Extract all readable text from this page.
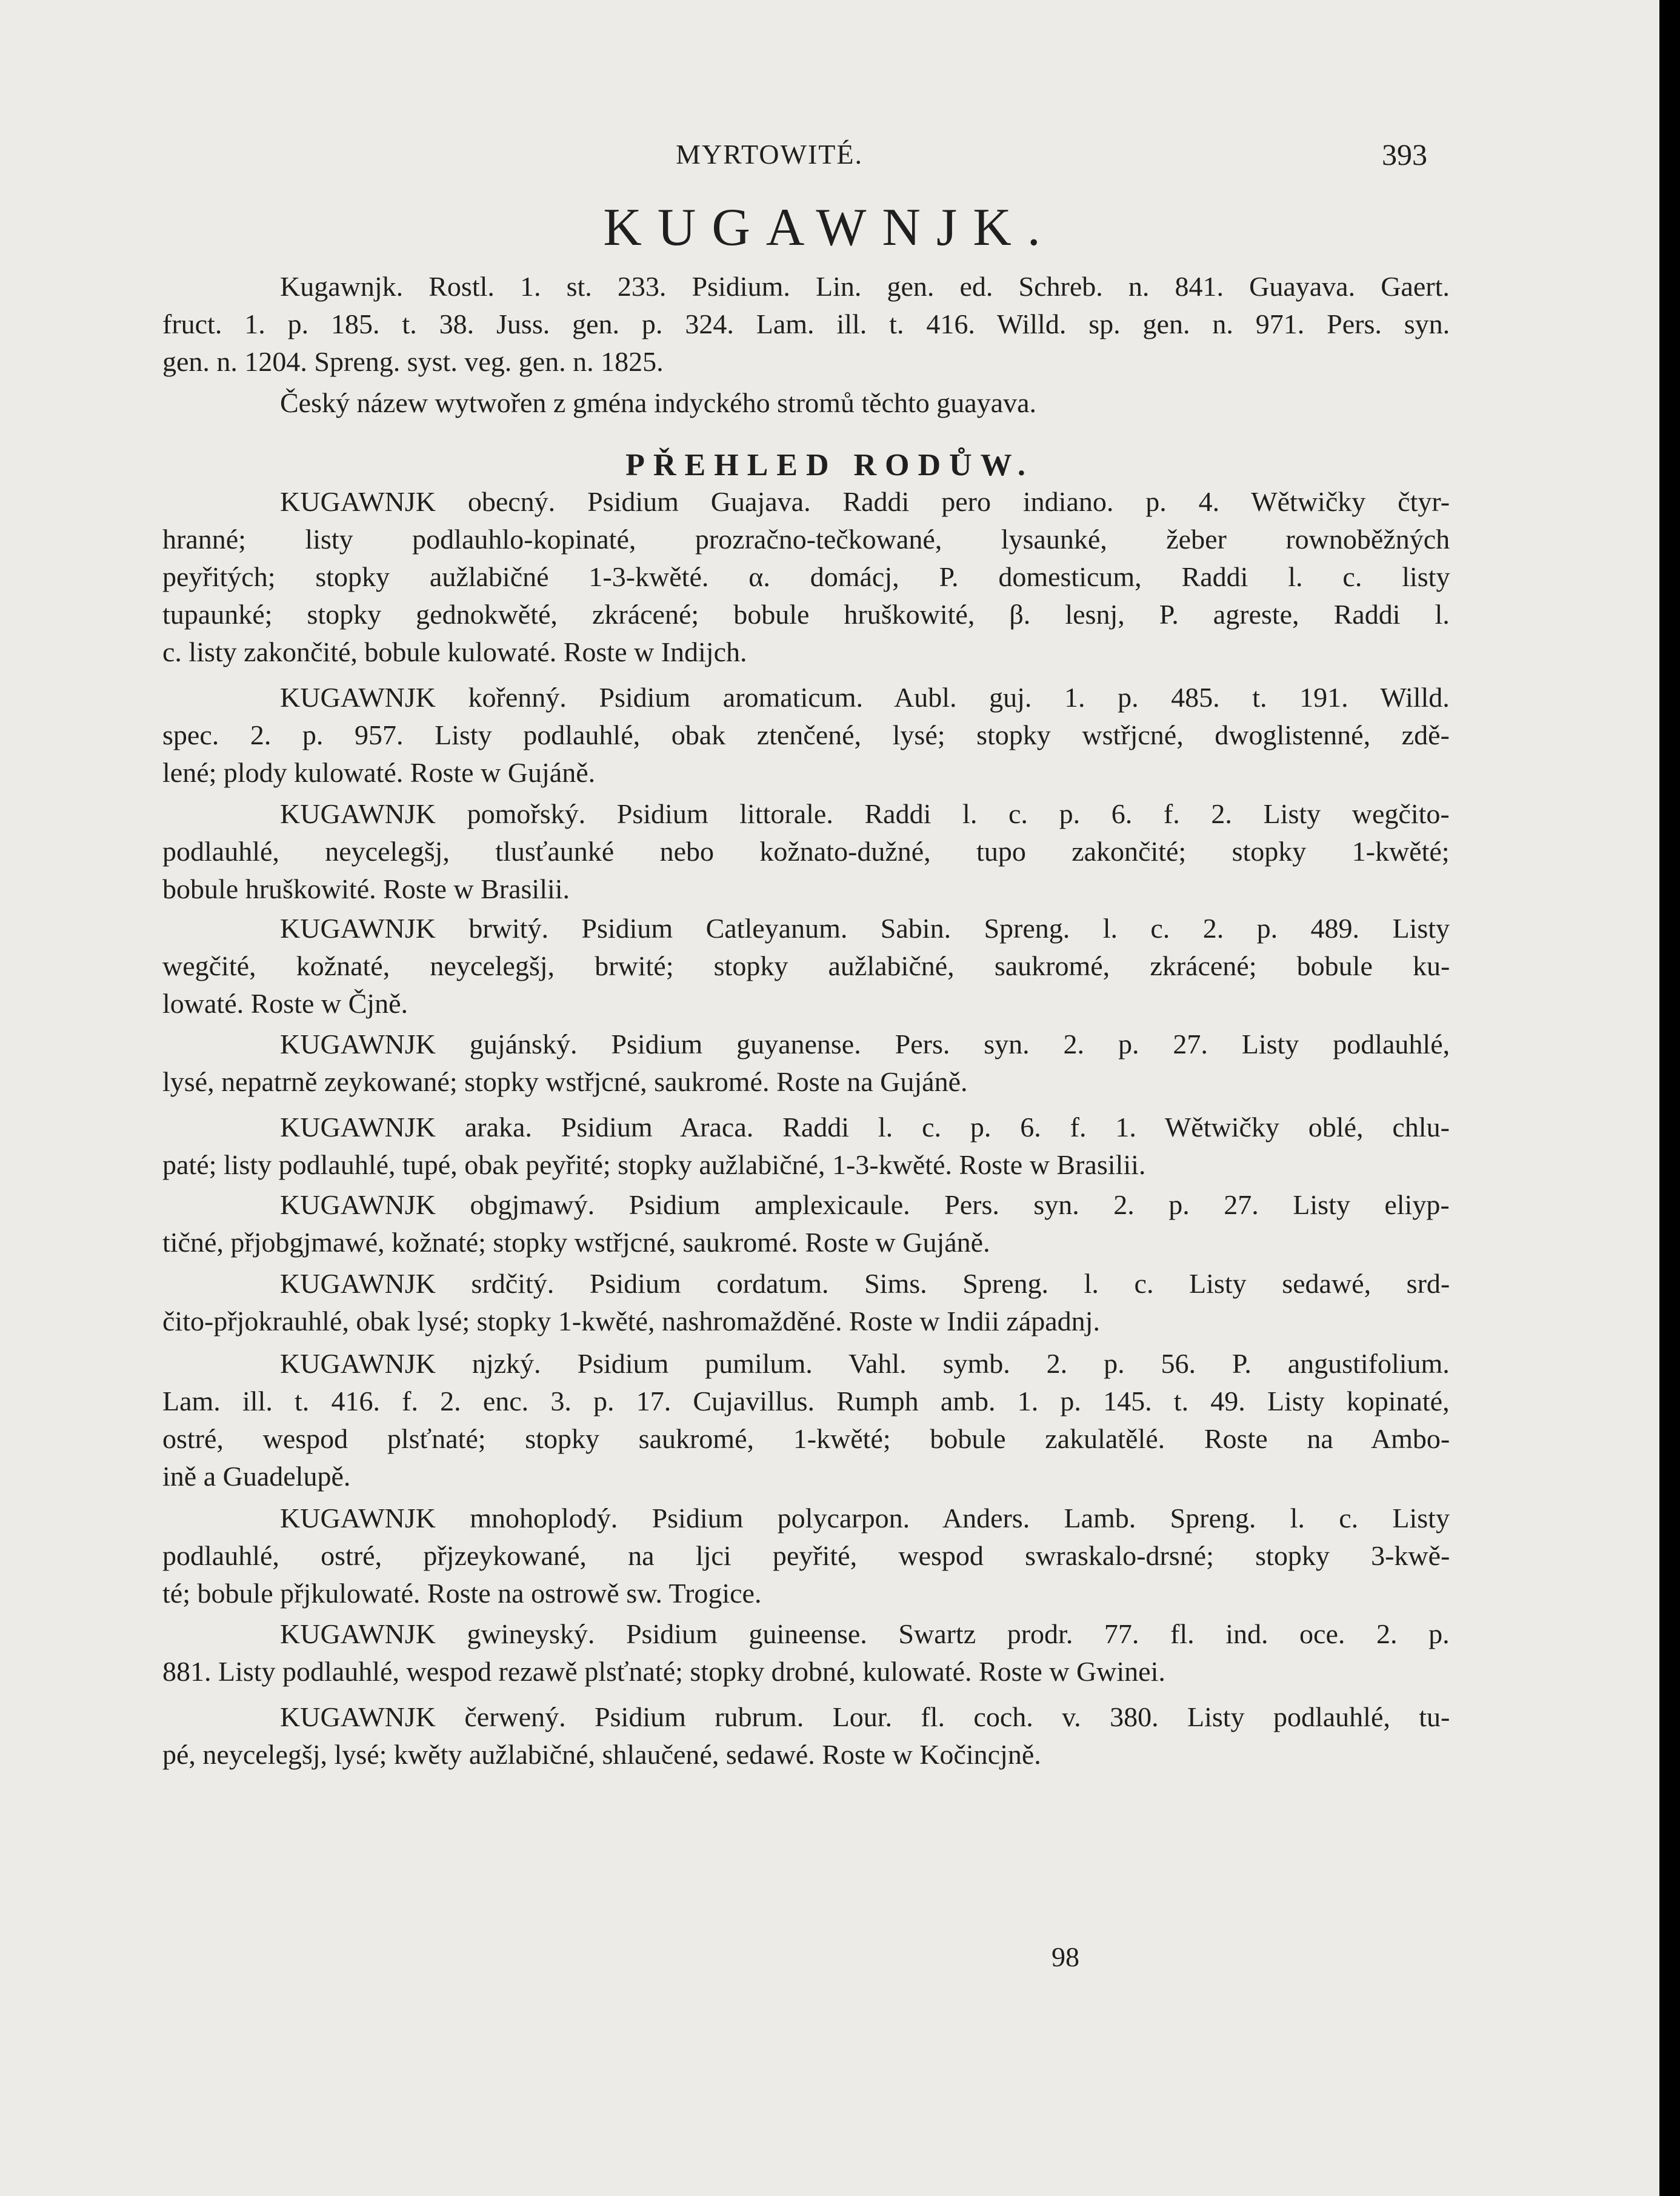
MYRTOWITÉ.	393
KUGAWNJK.
Kugawnjk. Rostl. 1. st. 233. Psidium. Lin. gen. ed. Schreb. n. 841. Guayava. Gaert.
fruct. 1. p. 185. t. 38. Juss. gen. p. 324. Lam. ill. t. 416. Willd. sp. gen. n. 971. Pers. syn.
gen. n. 1204. Spreng. syst. veg. gen. n. 1825.
Český názew wytwořen z gména indyckého stromů těchto guayava.
PŘEHLED RODŮW.
KUGAWNJK obecný. Psidium Guajava. Raddi pero indiano. p. 4. Wětwičky čtyr-
hranné; listy podlauhlo-kopinaté, prozračno-tečkowané, lysaunké, žeber rownoběžných
peyřitých; stopky aužlabičné 1-3-kwěté. α. domácj, P. domesticum, Raddi l. c. listy
tupaunké; stopky gednokwěté, zkrácené; bobule hruškowité, β. lesnj, P. agreste, Raddi l.
c. listy zakončité, bobule kulowaté. Roste w Indijch.
KUGAWNJK kořenný. Psidium aromaticum. Aubl. guj. 1. p. 485. t. 191. Willd.
spec. 2. p. 957. Listy podlauhlé, obak ztenčené, lysé; stopky wstřjcné, dwoglistenné, zdě-
lené; plody kulowaté. Roste w Gujáně.
KUGAWNJK pomořský. Psidium littorale. Raddi l. c. p. 6. f. 2. Listy wegčito-
podlauhlé, neycelegšj, tlusťaunké nebo kožnato-dužné, tupo zakončité; stopky 1-kwěté;
bobule hruškowité. Roste w Brasilii.
KUGAWNJK brwitý. Psidium Catleyanum. Sabin. Spreng. l. c. 2. p. 489. Listy
wegčité, kožnaté, neycelegšj, brwité; stopky aužlabičné, saukromé, zkrácené; bobule ku-
lowaté. Roste w Čjně.
KUGAWNJK gujánský. Psidium guyanense. Pers. syn. 2. p. 27. Listy podlauhlé,
lysé, nepatrně zeykowané; stopky wstřjcné, saukromé. Roste na Gujáně.
KUGAWNJK araka. Psidium Araca. Raddi l. c. p. 6. f. 1. Wětwičky oblé, chlu-
paté; listy podlauhlé, tupé, obak peyřité; stopky aužlabičné, 1-3-kwěté. Roste w Brasilii.
KUGAWNJK obgjmawý. Psidium amplexicaule. Pers. syn. 2. p. 27. Listy eliyp-
tičné, přjobgjmawé, kožnaté; stopky wstřjcné, saukromé. Roste w Gujáně.
KUGAWNJK srdčitý. Psidium cordatum. Sims. Spreng. l. c. Listy sedawé, srd-
čito-přjokrauhlé, obak lysé; stopky 1-kwěté, nashromažděné. Roste w Indii západnj.
KUGAWNJK njzký. Psidium pumilum. Vahl. symb. 2. p. 56. P. angustifolium.
Lam. ill. t. 416. f. 2. enc. 3. p. 17. Cujavillus. Rumph amb. 1. p. 145. t. 49. Listy kopinaté,
ostré, wespod plsťnaté; stopky saukromé, 1-kwěté; bobule zakulatělé. Roste na Ambo-
ině a Guadelupě.
KUGAWNJK mnohoplodý. Psidium polycarpon. Anders. Lamb. Spreng. l. c. Listy
podlauhlé, ostré, přjzeykowané, na ljci peyřité, wespod swraskalo-drsné; stopky 3-kwě-
té; bobule přjkulowaté. Roste na ostrowě sw. Trogice.
KUGAWNJK gwineyský. Psidium guineense. Swartz prodr. 77. fl. ind. oce. 2. p.
881. Listy podlauhlé, wespod rezawě plsťnaté; stopky drobné, kulowaté. Roste w Gwinei.
KUGAWNJK čerwený. Psidium rubrum. Lour. fl. coch. v. 380. Listy podlauhlé, tu-
pé, neycelegšj, lysé; kwěty aužlabičné, shlaučené, sedawé. Roste w Kočincjně.
98
